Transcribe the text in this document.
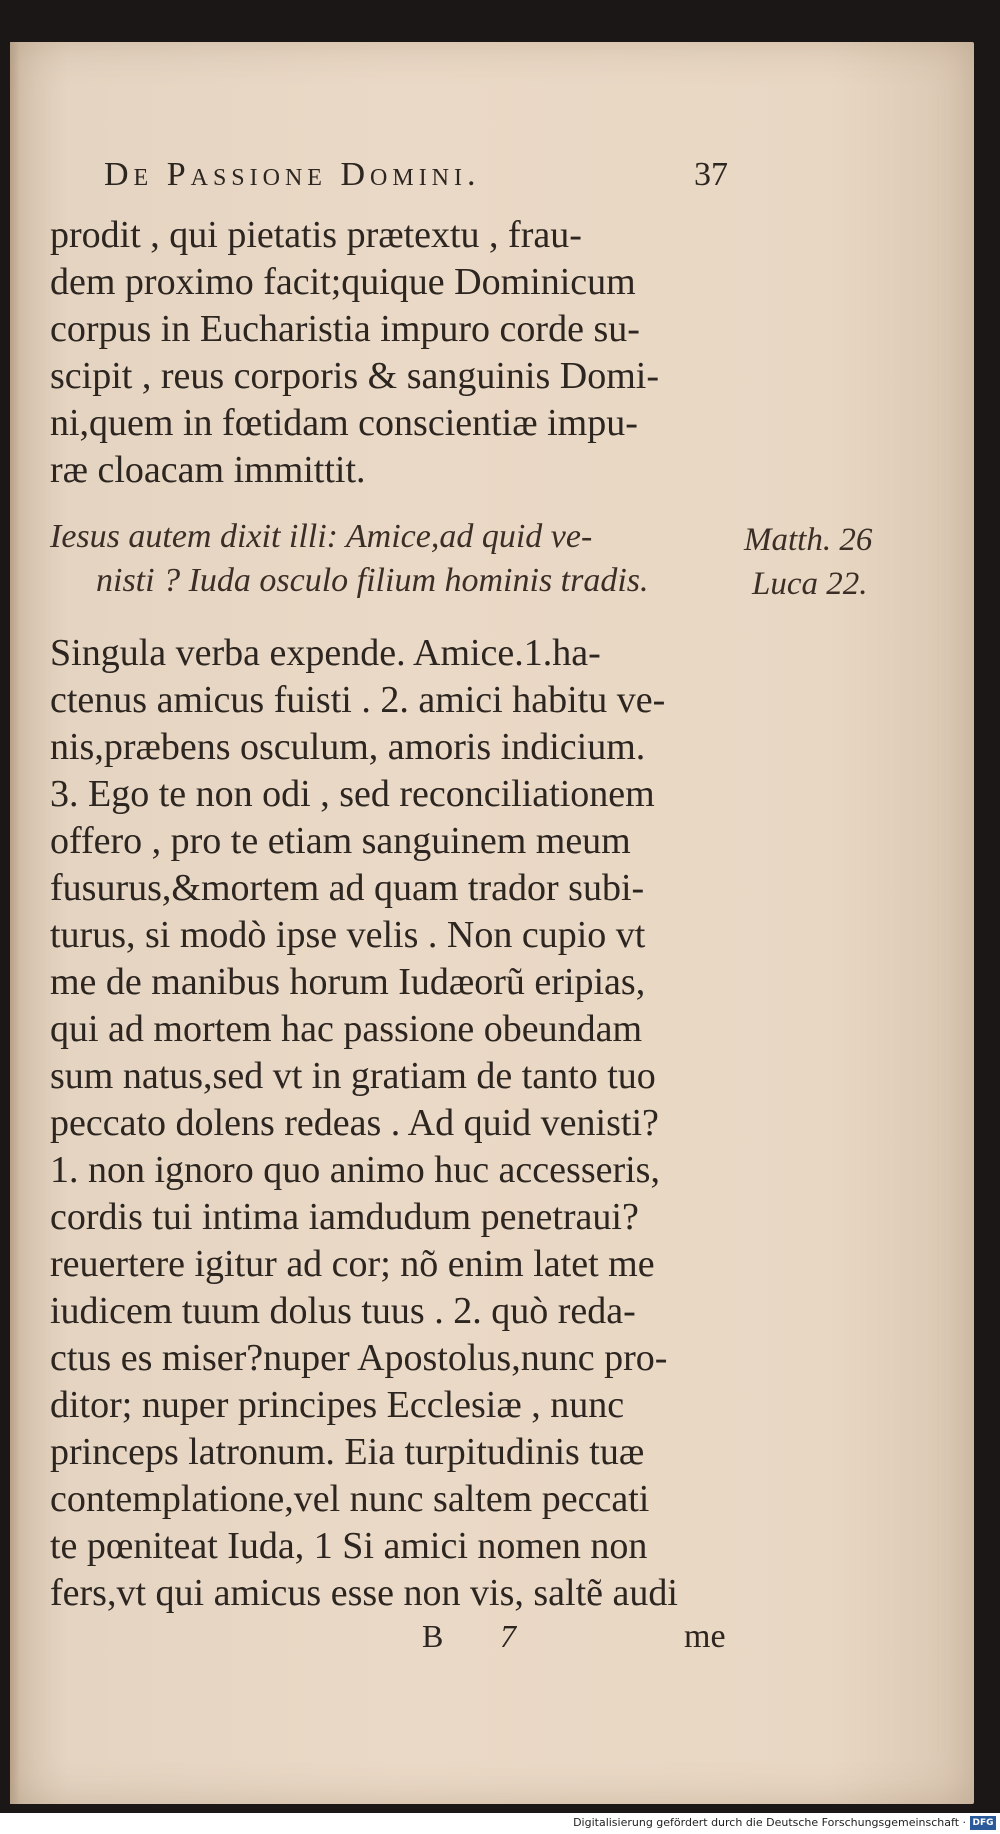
De Passione Domini.	37
prodit , qui pietatis prætextu , frau-
dem proximo facit;quique Dominicum
corpus in Eucharistia impuro corde su-
scipit , reus corporis & sanguinis Domi-
ni,quem in fœtidam conscientiæ impu-
ræ cloacam immittit.
Iesus autem dixit illi: Amice,ad quid ve-
nisti ? Iuda osculo filium hominis tradis.
Matth. 26
Luca 22.
Singula verba expende. Amice.1.ha-
ctenus amicus fuisti . 2. amici habitu ve-
nis,præbens osculum, amoris indicium.
3. Ego te non odi , sed reconciliationem
offero , pro te etiam sanguinem meum
fusurus,&mortem ad quam trador subi-
turus, si modò ipse velis . Non cupio vt
me de manibus horum Iudæorũ eripias,
qui ad mortem hac passione obeundam
sum natus,sed vt in gratiam de tanto tuo
peccato dolens redeas . Ad quid venisti?
1. non ignoro quo animo huc accesseris,
cordis tui intima iamdudum penetraui?
reuertere igitur ad cor; nõ enim latet me
iudicem tuum dolus tuus . 2. quò reda-
ctus es miser?nuper Apostolus,nunc pro-
ditor; nuper principes Ecclesiæ , nunc
princeps latronum. Eia turpitudinis tuæ
contemplatione,vel nunc saltem peccati
te pœniteat Iuda, 1 Si amici nomen non
fers,vt qui amicus esse non vis, saltẽ audi
B 7	me
Digitalisierung gefördert durch die Deutsche Forschungsgemeinschaft · DFG
